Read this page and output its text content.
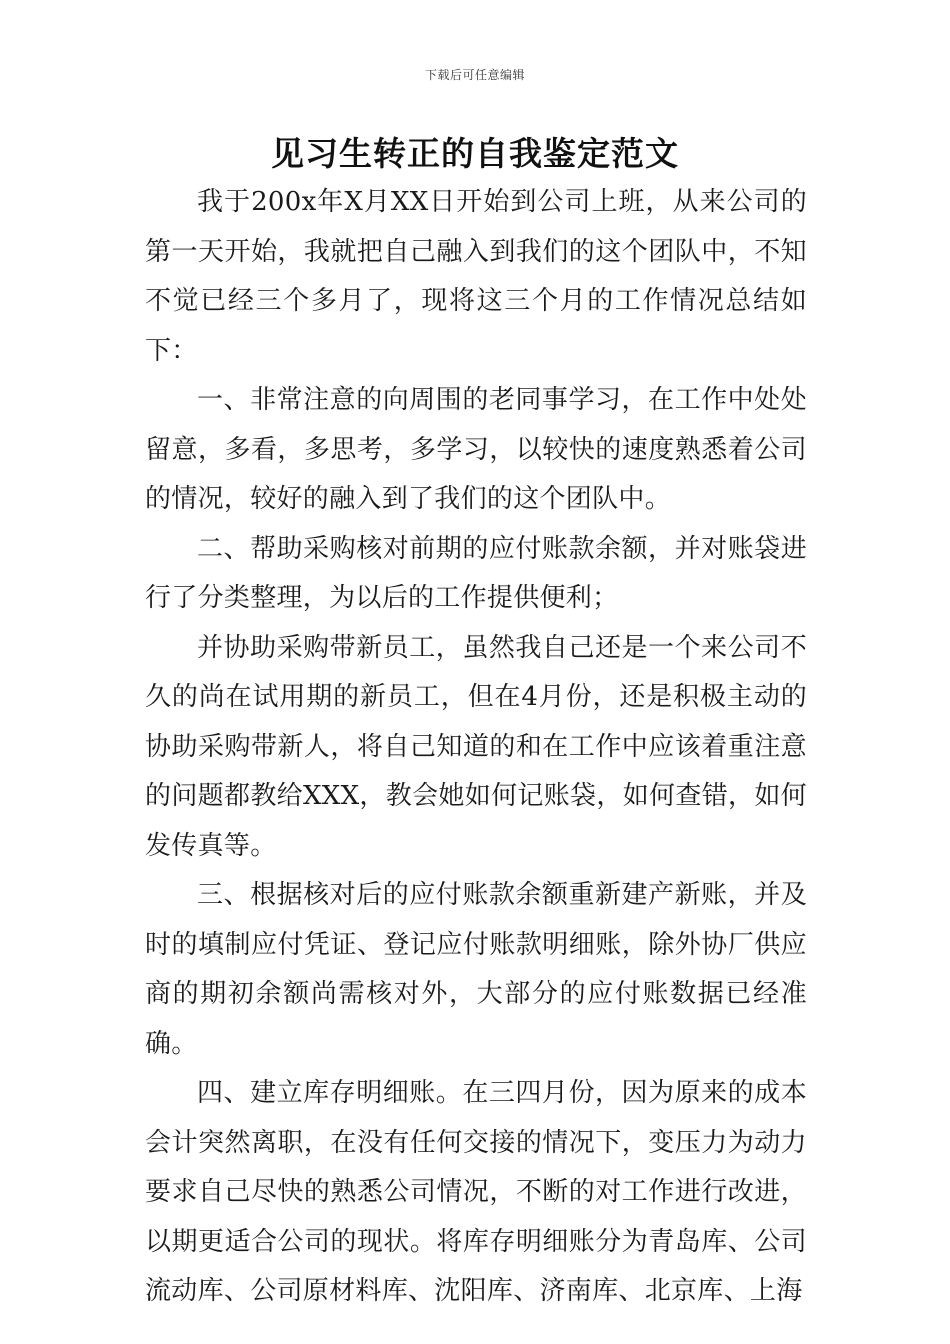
下载后可任意编辑
见习生转正的自我鉴定范文

我于200x年X月XX日开始到公司上班，从来公司的第一天开始，我就把自己融入到我们的这个团队中，不知不觉已经三个多月了，现将这三个月的工作情况总结如下：

一、非常注意的向周围的老同事学习，在工作中处处留意，多看，多思考，多学习，以较快的速度熟悉着公司的情况，较好的融入到了我们的这个团队中。

二、帮助采购核对前期的应付账款余额，并对账袋进行了分类整理，为以后的工作提供便利；

并协助采购带新员工，虽然我自己还是一个来公司不久的尚在试用期的新员工，但在4月份，还是积极主动的协助采购带新人，将自己知道的和在工作中应该着重注意的问题都教给XXX，教会她如何记账袋，如何查错，如何发传真等。

三、根据核对后的应付账款余额重新建产新账，并及时的填制应付凭证、登记应付账款明细账，除外协厂供应商的期初余额尚需核对外，大部分的应付账数据已经准确。

四、建立库存明细账。在三四月份，因为原来的成本会计突然离职，在没有任何交接的情况下，变压力为动力要求自己尽快的熟悉公司情况，不断的对工作进行改进，以期更适合公司的现状。将库存明细账分为青岛库、公司流动库、公司原材料库、沈阳库、济南库、北京库、上海
